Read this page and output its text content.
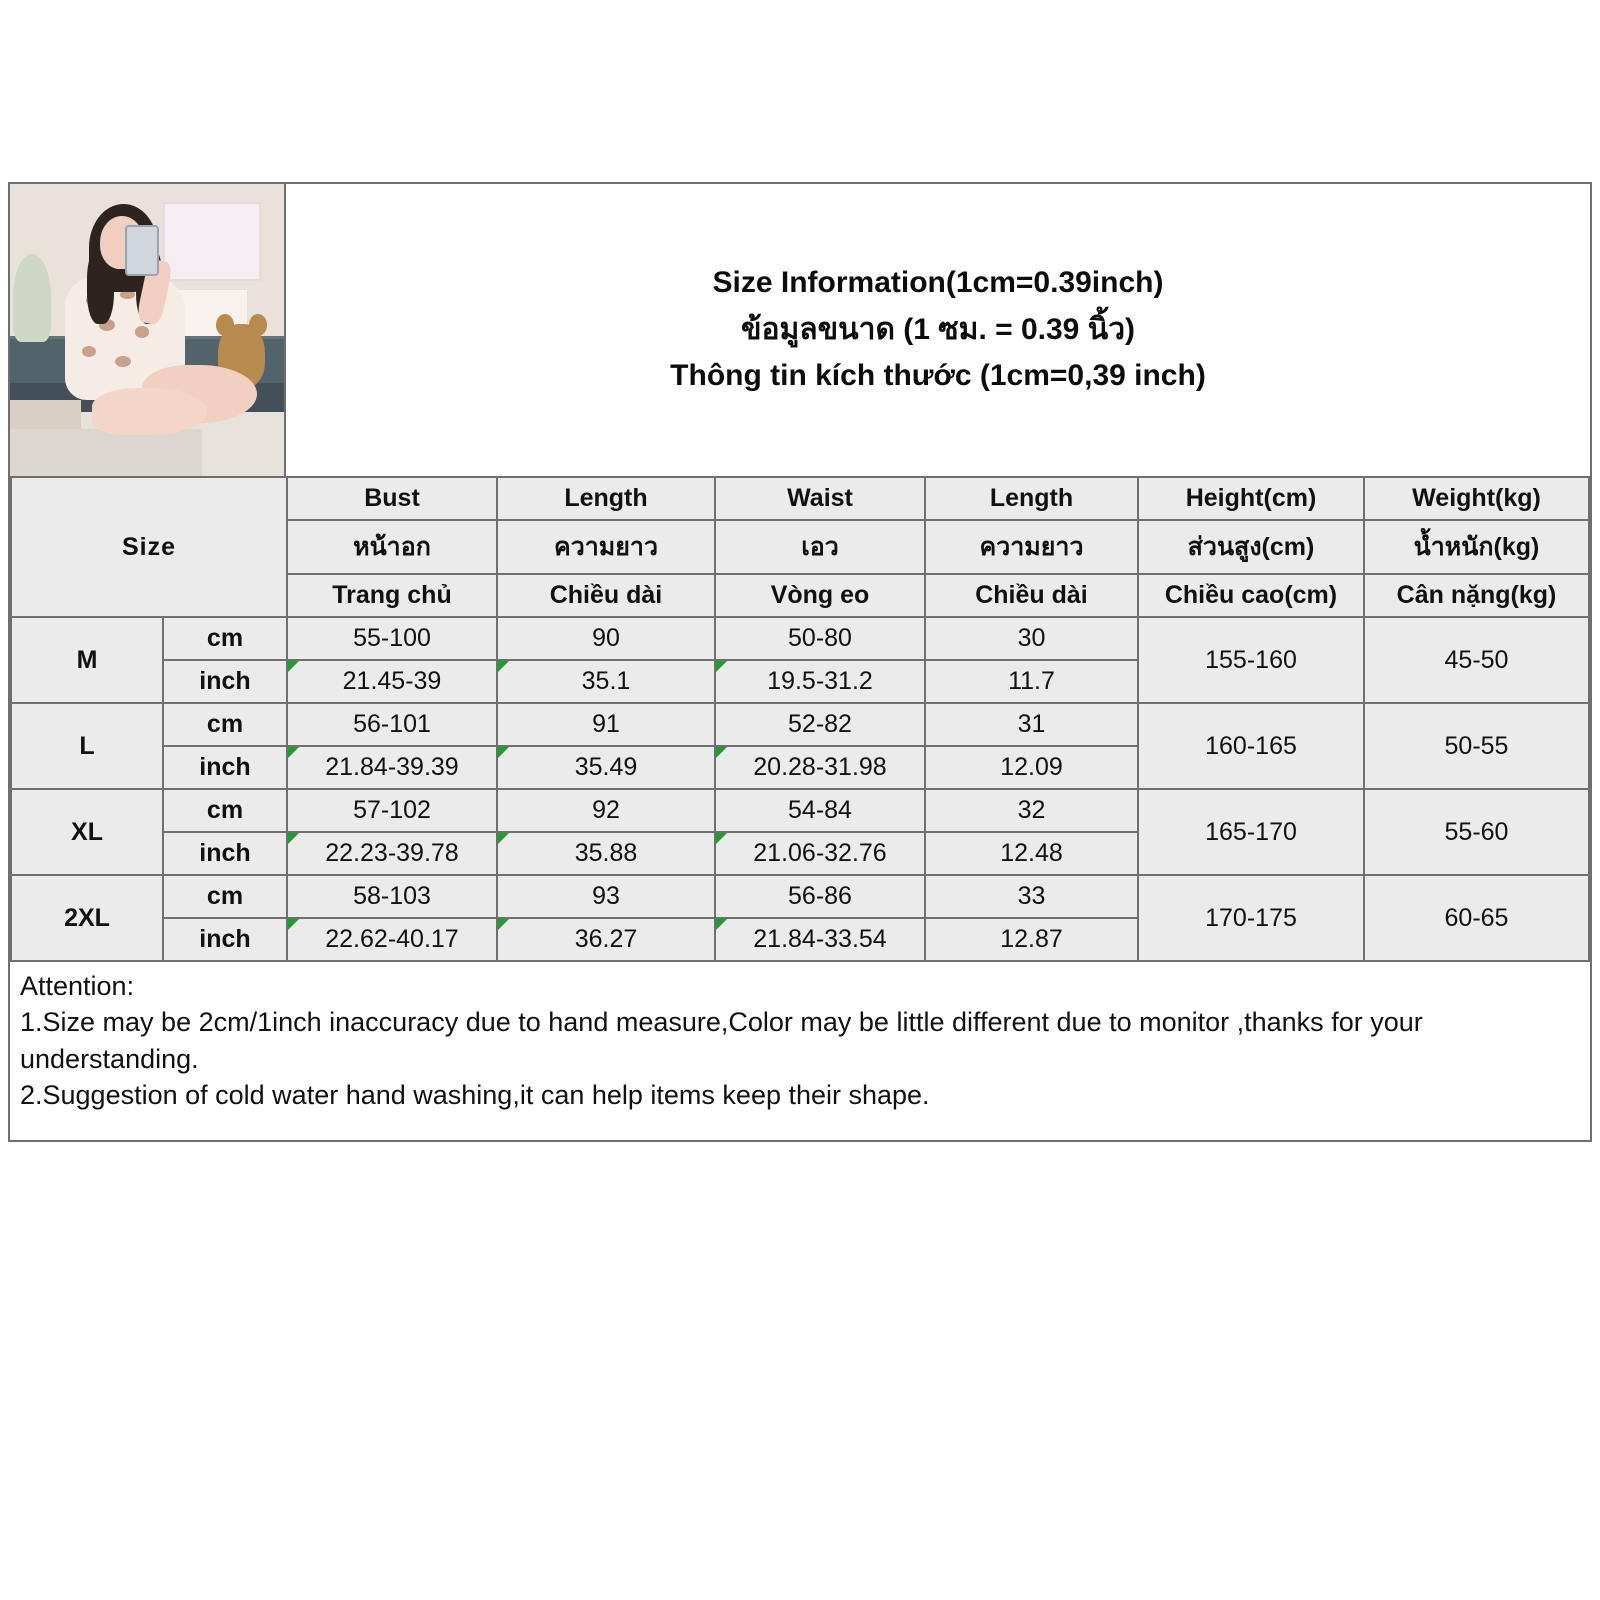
Size Information(1cm=0.39inch)
ข้อมูลขนาด (1 ซม. = 0.39 นิ้ว)
Thông tin kích thước (1cm=0,39 inch)
Size		Bust	Length	Waist	Length	Height(cm)	Weight(kg)
		หน้าอก	ความยาว	เอว	ความยาว	ส่วนสูง(cm)	น้ำหนัก(kg)
		Trang chủ	Chiều dài	Vòng eo	Chiều dài	Chiều cao(cm)	Cân nặng(kg)
M	cm	55-100	90	50-80	30	155-160	45-50
	inch	21.45-39	35.1	19.5-31.2	11.7		
L	cm	56-101	91	52-82	31	160-165	50-55
	inch	21.84-39.39	35.49	20.28-31.98	12.09		
XL	cm	57-102	92	54-84	32	165-170	55-60
	inch	22.23-39.78	35.88	21.06-32.76	12.48		
2XL	cm	58-103	93	56-86	33	170-175	60-65
	inch	22.62-40.17	36.27	21.84-33.54	12.87		
Attention:
1.Size may be 2cm/1inch inaccuracy due to hand measure,Color may be little different due to monitor ,thanks for your
understanding.
2.Suggestion of cold water hand washing,it can help items keep their shape.
